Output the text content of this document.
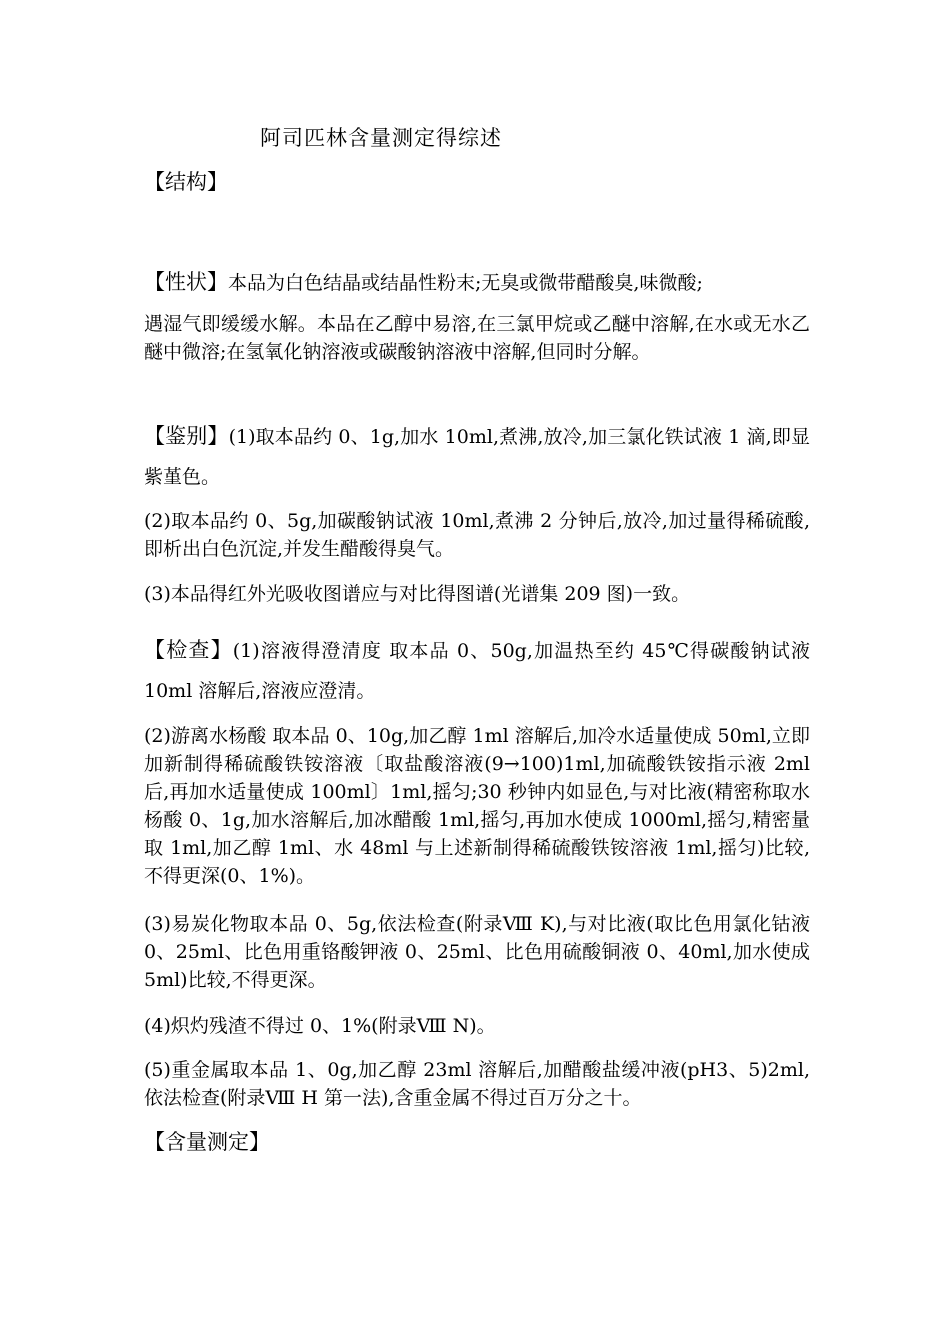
阿司匹林含量测定得综述

【结构】

【性状】本品为白色结晶或结晶性粉末;无臭或微带醋酸臭,味微酸;

遇湿气即缓缓水解。本品在乙醇中易溶,在三氯甲烷或乙醚中溶解,在水或无水乙醚中微溶;在氢氧化钠溶液或碳酸钠溶液中溶解,但同时分解。

【鉴别】(1)取本品约 0、1g,加水 10ml,煮沸,放冷,加三氯化铁试液 1 滴,即显紫堇色。

(2)取本品约 0、5g,加碳酸钠试液 10ml,煮沸 2 分钟后,放冷,加过量得稀硫酸,即析出白色沉淀,并发生醋酸得臭气。

(3)本品得红外光吸收图谱应与对比得图谱(光谱集 209 图)一致。

【检查】(1)溶液得澄清度 取本品 0、50g,加温热至约 45℃得碳酸钠试液 10ml 溶解后,溶液应澄清。

(2)游离水杨酸 取本品 0、10g,加乙醇 1ml 溶解后,加冷水适量使成 50ml,立即加新制得稀硫酸铁铵溶液〔取盐酸溶液(9→100)1ml,加硫酸铁铵指示液 2ml 后,再加水适量使成 100ml〕1ml,摇匀;30 秒钟内如显色,与对比液(精密称取水杨酸 0、1g,加水溶解后,加冰醋酸 1ml,摇匀,再加水使成 1000ml,摇匀,精密量取 1ml,加乙醇 1ml、水 48ml 与上述新制得稀硫酸铁铵溶液 1ml,摇匀)比较,不得更深(0、1%)。

(3)易炭化物取本品 0、5g,依法检查(附录Ⅷ K),与对比液(取比色用氯化钴液 0、25ml、比色用重铬酸钾液 0、25ml、比色用硫酸铜液 0、40ml,加水使成 5ml)比较,不得更深。

(4)炽灼残渣不得过 0、1%(附录Ⅷ N)。

(5)重金属取本品 1、0g,加乙醇 23ml 溶解后,加醋酸盐缓冲液(pH3、5)2ml,依法检查(附录Ⅷ H 第一法),含重金属不得过百万分之十。

【含量测定】
